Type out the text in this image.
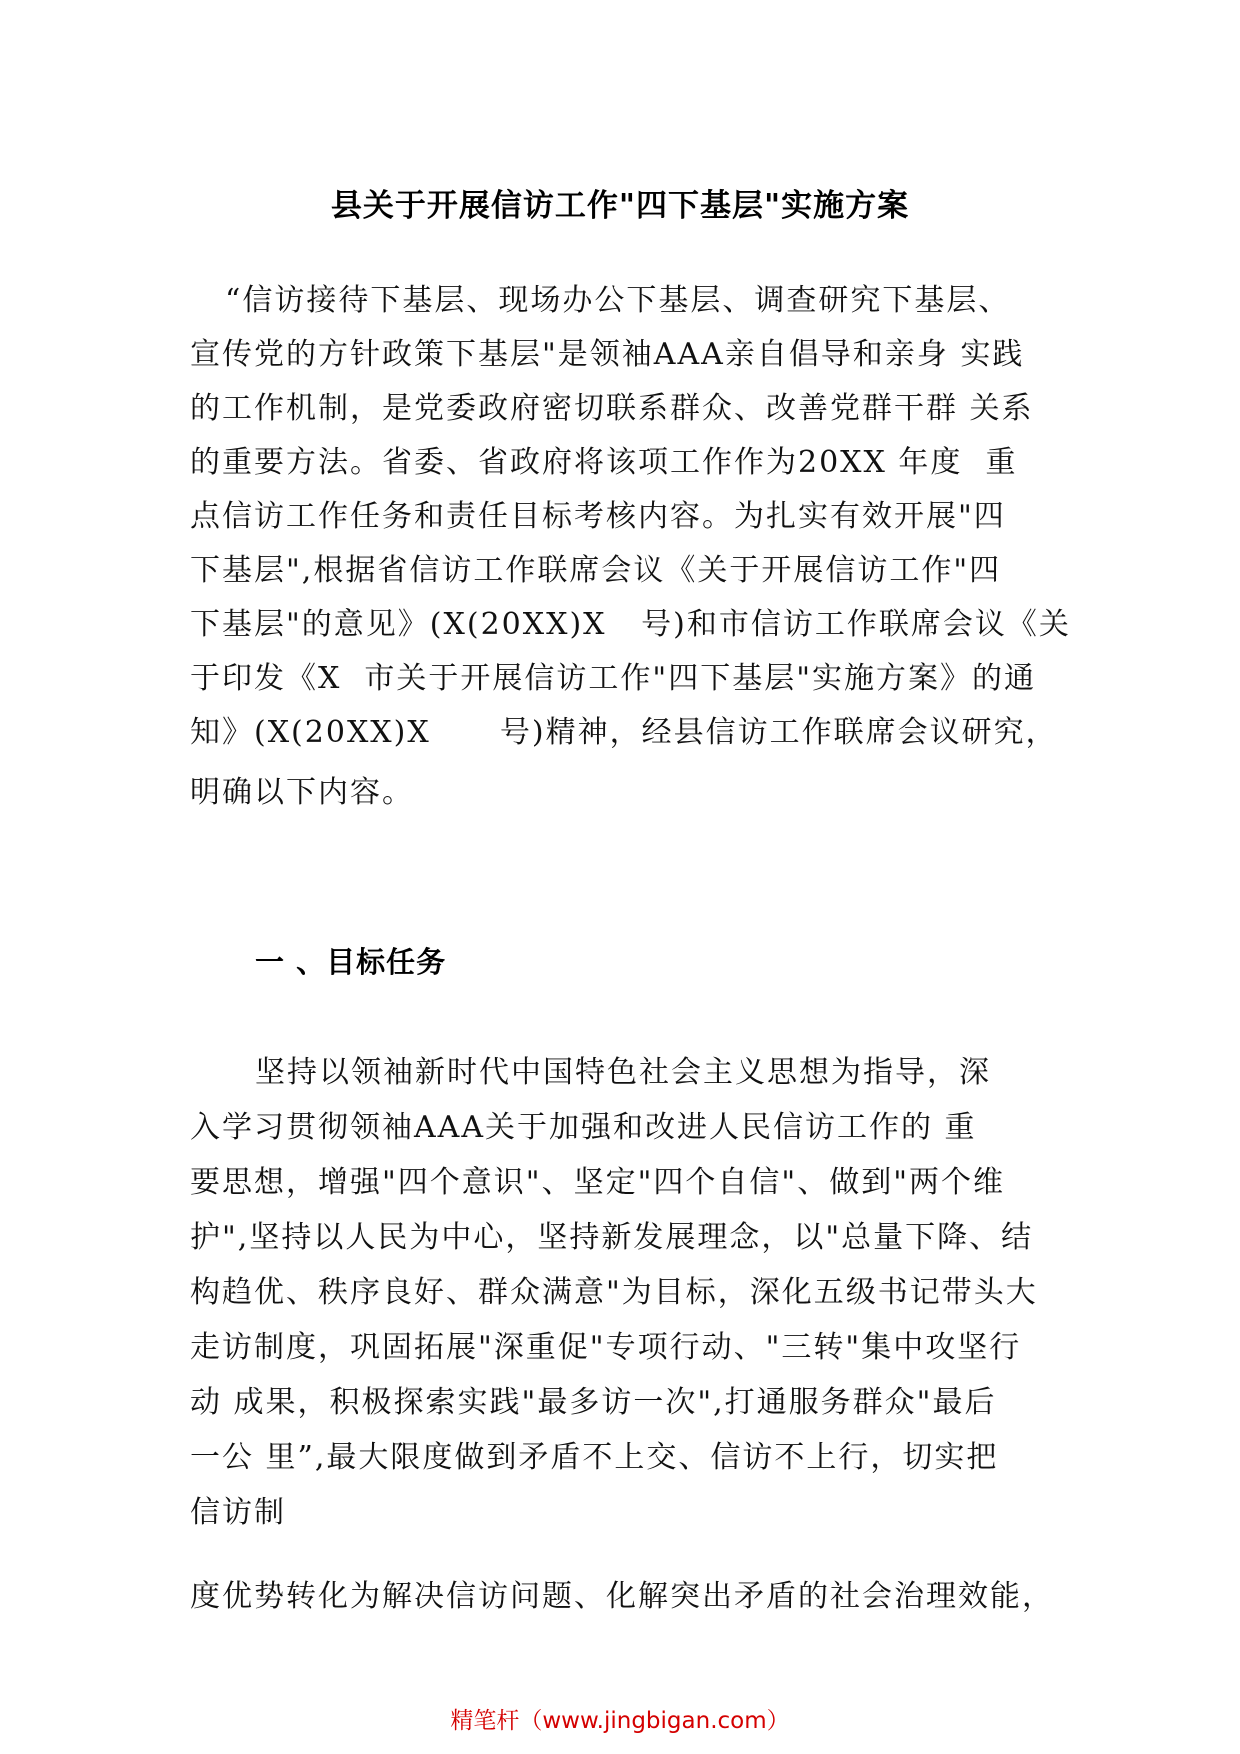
县关于开展信访工作"四下基层"实施方案
“信访接待下基层、现场办公下基层、调查研究下基层、
宣传党的方针政策下基层"是领袖AAA亲自倡导和亲身 实践
的工作机制，是党委政府密切联系群众、改善党群干群 关系
的重要方法。省委、省政府将该项工作作为20XX 年度  重
点信访工作任务和责任目标考核内容。为扎实有效开展"四
下基层",根据省信访工作联席会议《关于开展信访工作"四
下基层"的意见》(X(20XX)X   号)和市信访工作联席会议《关
于印发《X  市关于开展信访工作"四下基层"实施方案》的通
知》(X(20XX)X      号)精神，经县信访工作联席会议研究，
明确以下内容。
一 、目标任务
坚持以领袖新时代中国特色社会主义思想为指导，深
入学习贯彻领袖AAA关于加强和改进人民信访工作的 重
要思想，增强"四个意识"、坚定"四个自信"、做到"两个维
护",坚持以人民为中心，坚持新发展理念，以"总量下降、结
构趋优、秩序良好、群众满意"为目标，深化五级书记带头大
走访制度，巩固拓展"深重促"专项行动、"三转"集中攻坚行
动 成果，积极探索实践"最多访一次",打通服务群众"最后
一公 里”,最大限度做到矛盾不上交、信访不上行，切实把
信访制
度优势转化为解决信访问题、化解突出矛盾的社会治理效能，
精笔杆（www.jingbigan.com）
